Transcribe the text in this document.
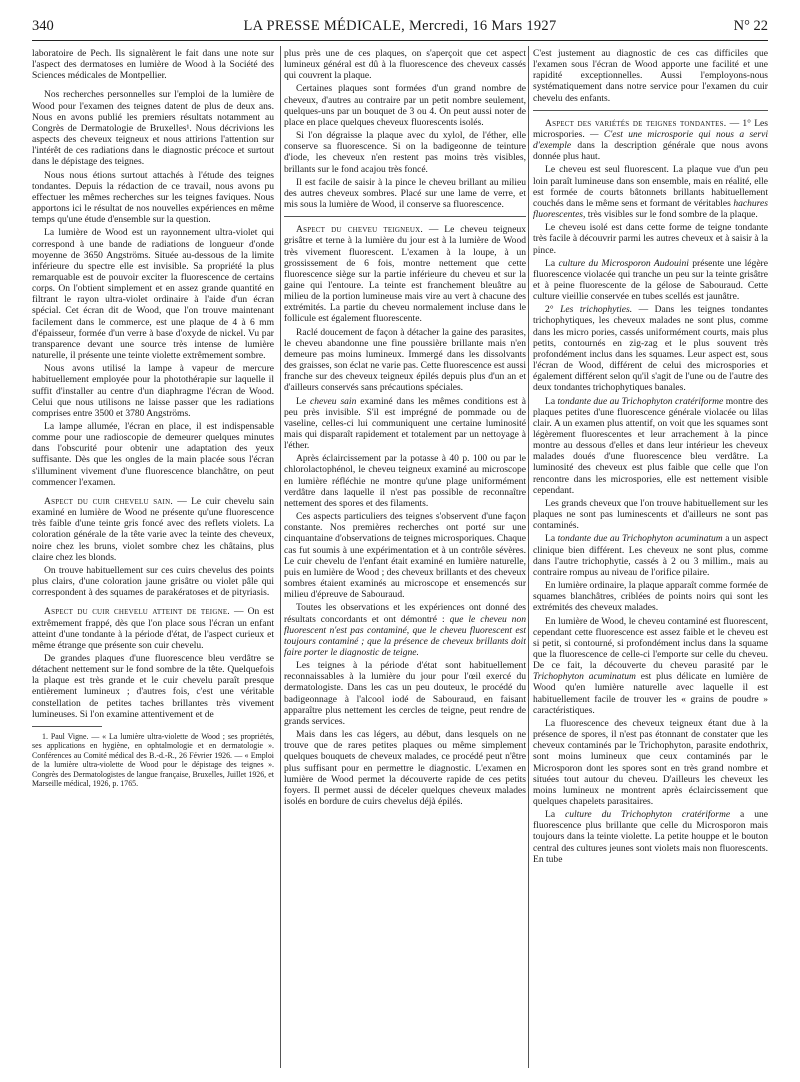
340	LA PRESSE MÉDICALE, Mercredi, 16 Mars 1927	N° 22

laboratoire de Pech. Ils signalèrent le fait dans une note sur l'aspect des dermatoses en lumière de Wood à la Société des Sciences médicales de Montpellier.

Nos recherches personnelles sur l'emploi de la lumière de Wood pour l'examen des teignes datent de plus de deux ans. Nous en avons publié les premiers résultats notamment au Congrès de Dermatologie de Bruxelles¹. Nous décrivions les aspects des cheveux teigneux et nous attirions l'attention sur l'intérêt de ces radiations dans le diagnostic précoce et surtout dans le dépistage des teignes.

Nous nous étions surtout attachés à l'étude des teignes tondantes. Depuis la rédaction de ce travail, nous avons pu effectuer les mêmes recherches sur les teignes faviques. Nous apportons ici le résultat de nos nouvelles expériences en même temps qu'une étude d'ensemble sur la question.

La lumière de Wood est un rayonnement ultra-violet qui correspond à une bande de radiations de longueur d'onde moyenne de 3650 Angströms. Située au-dessous de la limite inférieure du spectre elle est invisible. Sa propriété la plus remarquable est de pouvoir exciter la fluorescence de certains corps. On l'obtient simplement et en assez grande quantité en filtrant le rayon ultra-violet ordinaire à l'aide d'un écran spécial. Cet écran dit de Wood, que l'on trouve maintenant facilement dans le commerce, est une plaque de 4 à 6 mm d'épaisseur, formée d'un verre à base d'oxyde de nickel. Vu par transparence devant une source très intense de lumière naturelle, il présente une teinte violette extrêmement sombre.

Nous avons utilisé la lampe à vapeur de mercure habituellement employée pour la photothérapie sur laquelle il suffit d'installer au centre d'un diaphragme l'écran de Wood. Celui que nous utilisons ne laisse passer que les radiations comprises entre 3500 et 3780 Angströms.

La lampe allumée, l'écran en place, il est indispensable comme pour une radioscopie de demeurer quelques minutes dans l'obscurité pour obtenir une adaptation des yeux suffisante. Dès que les ongles de la main placée sous l'écran s'illuminent vivement d'une fluorescence blanchâtre, on peut commencer l'examen.

Aspect du cuir chevelu sain. — Le cuir chevelu sain examiné en lumière de Wood ne présente qu'une fluorescence très faible d'une teinte gris foncé avec des reflets violets. La coloration générale de la tête varie avec la teinte des cheveux, noire chez les bruns, violet sombre chez les châtains, plus claire chez les blonds.

On trouve habituellement sur ces cuirs chevelus des points plus clairs, d'une coloration jaune grisâtre ou violet pâle qui correspondent à des squames de parakératoses et de pityriasis.

Aspect du cuir chevelu atteint de teigne. — On est extrêmement frappé, dès que l'on place sous l'écran un enfant atteint d'une tondante à la période d'état, de l'aspect curieux et même étrange que présente son cuir chevelu.

De grandes plaques d'une fluorescence bleu verdâtre se détachent nettement sur le fond sombre de la tête. Quelquefois la plaque est très grande et le cuir chevelu paraît presque entièrement lumineux ; d'autres fois, c'est une véritable constellation de petites taches brillantes très vivement lumineuses. Si l'on examine attentivement et de

1. Paul Vigne. — « La lumière ultra-violette de Wood ; ses propriétés, ses applications en hygiène, en ophtalmologie et en dermatologie ». Conférences au Comité médical des B.-d.-R., 26 Février 1926. — « Emploi de la lumière ultra-violette de Wood pour le dépistage des teignes ». Congrès des Dermatologistes de langue française, Bruxelles, Juillet 1926, et Marseille médical, 1926, p. 1765.

plus près une de ces plaques, on s'aperçoit que cet aspect lumineux général est dû à la fluorescence des cheveux cassés qui couvrent la plaque.

Certaines plaques sont formées d'un grand nombre de cheveux, d'autres au contraire par un petit nombre seulement, quelques-uns par un bouquet de 3 ou 4. On peut aussi noter de place en place quelques cheveux fluorescents isolés.

Si l'on dégraisse la plaque avec du xylol, de l'éther, elle conserve sa fluorescence. Si on la badigeonne de teinture d'iode, les cheveux n'en restent pas moins très visibles, brillants sur le fond acajou très foncé.

Il est facile de saisir à la pince le cheveu brillant au milieu des autres cheveux sombres. Placé sur une lame de verre, et mis sous la lumière de Wood, il conserve sa fluorescence.

Aspect du cheveu teigneux. — Le cheveu teigneux grisâtre et terne à la lumière du jour est à la lumière de Wood très vivement fluorescent. L'examen à la loupe, à un grossissement de 6 fois, montre nettement que cette fluorescence siège sur la partie inférieure du cheveu et sur la gaine qui l'entoure. La teinte est franchement bleuâtre au milieu de la portion lumineuse mais vire au vert à chacune des extrémités. La partie du cheveu normalement incluse dans le follicule est également fluorescente.

Raclé doucement de façon à détacher la gaine des parasites, le cheveu abandonne une fine poussière brillante mais n'en demeure pas moins lumineux. Immergé dans les dissolvants des graisses, son éclat ne varie pas. Cette fluorescence est aussi franche sur des cheveux teigneux épilés depuis plus d'un an et d'ailleurs conservés sans précautions spéciales.

Le cheveu sain examiné dans les mêmes conditions est à peu près invisible. S'il est imprégné de pommade ou de vaseline, celles-ci lui communiquent une certaine luminosité mais qui disparaît rapidement et totalement par un nettoyage à l'éther.

Après éclaircissement par la potasse à 40 p. 100 ou par le chlorolactophénol, le cheveu teigneux examiné au microscope en lumière réfléchie ne montre qu'une plage uniformément verdâtre dans laquelle il n'est pas possible de reconnaître nettement des spores et des filaments.

Ces aspects particuliers des teignes s'observent d'une façon constante. Nos premières recherches ont porté sur une cinquantaine d'observations de teignes microsporiques. Chaque cas fut soumis à une expérimentation et à un contrôle sévères. Le cuir chevelu de l'enfant était examiné en lumière naturelle, puis en lumière de Wood ; des cheveux brillants et des cheveux sombres étaient examinés au microscope et ensemencés sur milieu d'épreuve de Sabouraud.

Toutes les observations et les expériences ont donné des résultats concordants et ont démontré : que le cheveu non fluorescent n'est pas contaminé, que le cheveu fluorescent est toujours contaminé ; que la présence de cheveux brillants doit faire porter le diagnostic de teigne.

Les teignes à la période d'état sont habituellement reconnaissables à la lumière du jour pour l'œil exercé du dermatologiste. Dans les cas un peu douteux, le procédé du badigeonnage à l'alcool iodé de Sabouraud, en faisant apparaître plus nettement les cercles de teigne, peut rendre de grands services.

Mais dans les cas légers, au début, dans lesquels on ne trouve que de rares petites plaques ou même simplement quelques bouquets de cheveux malades, ce procédé peut n'être plus suffisant pour en permettre le diagnostic. L'examen en lumière de Wood permet la découverte rapide de ces petits foyers. Il permet aussi de déceler quelques cheveux malades isolés en bordure de cuirs chevelus déjà épilés.

C'est justement au diagnostic de ces cas difficiles que l'examen sous l'écran de Wood apporte une facilité et une rapidité exceptionnelles. Aussi l'employons-nous systématiquement dans notre service pour l'examen du cuir chevelu des enfants.

Aspect des variétés de teignes tondantes. — 1° Les microspories. — C'est une microsporie qui nous a servi d'exemple dans la description générale que nous avons donnée plus haut.

Le cheveu est seul fluorescent. La plaque vue d'un peu loin paraît lumineuse dans son ensemble, mais en réalité, elle est formée de courts bâtonnets brillants habituellement couchés dans le même sens et formant de véritables hachures fluorescentes, très visibles sur le fond sombre de la plaque.

Le cheveu isolé est dans cette forme de teigne tondante très facile à découvrir parmi les autres cheveux et à saisir à la pince.

La culture du Microsporon Audouini présente une légère fluorescence violacée qui tranche un peu sur la teinte grisâtre et à peine fluorescente de la gélose de Sabouraud. Cette culture vieillie conservée en tubes scellés est jaunâtre.

2° Les trichophyties. — Dans les teignes tondantes trichophytiques, les cheveux malades ne sont plus, comme dans les micro pories, cassés uniformément courts, mais plus petits, contournés en zig-zag et le plus souvent très profondément inclus dans les squames. Leur aspect est, sous l'écran de Wood, différent de celui des microspories et également différent selon qu'il s'agit de l'une ou de l'autre des deux tondantes trichophytiques banales.

La tondante due au Trichophyton cratériforme montre des plaques petites d'une fluorescence générale violacée ou lilas clair. A un examen plus attentif, on voit que les squames sont légèrement fluorescentes et leur arrachement à la pince montre au dessous d'elles et dans leur intérieur les cheveux malades doués d'une fluorescence bleu verdâtre. La luminosité des cheveux est plus faible que celle que l'on rencontre dans les microspories, elle est nettement visible cependant.

Les grands cheveux que l'on trouve habituellement sur les plaques ne sont pas luminescents et d'ailleurs ne sont pas contaminés.

La tondante due au Trichophyton acuminatum a un aspect clinique bien différent. Les cheveux ne sont plus, comme dans l'autre trichophytie, cassés à 2 ou 3 millim., mais au contraire rompus au niveau de l'orifice pilaire.

En lumière ordinaire, la plaque apparaît comme formée de squames blanchâtres, criblées de points noirs qui sont les extrémités des cheveux malades.

En lumière de Wood, le cheveu contaminé est fluorescent, cependant cette fluorescence est assez faible et le cheveu est si petit, si contourné, si profondément inclus dans la squame que la fluorescence de celle-ci l'emporte sur celle du cheveu. De ce fait, la découverte du cheveu parasité par le Trichophyton acuminatum est plus délicate en lumière de Wood qu'en lumière naturelle avec laquelle il est habituellement facile de trouver les « grains de poudre » caractéristiques.

La fluorescence des cheveux teigneux étant due à la présence de spores, il n'est pas étonnant de constater que les cheveux contaminés par le Trichophyton, parasite endothrix, sont moins lumineux que ceux contaminés par le Microsporon dont les spores sont en très grand nombre et situées tout autour du cheveu. D'ailleurs les cheveux les moins lumineux ne montrent après éclaircissement que quelques chapelets parasitaires.

La culture du Trichophyton cratériforme a une fluorescence plus brillante que celle du Microsporon mais toujours dans la teinte violette. La petite houppe et le bouton central des cultures jeunes sont violets mais non fluorescents. En tube
